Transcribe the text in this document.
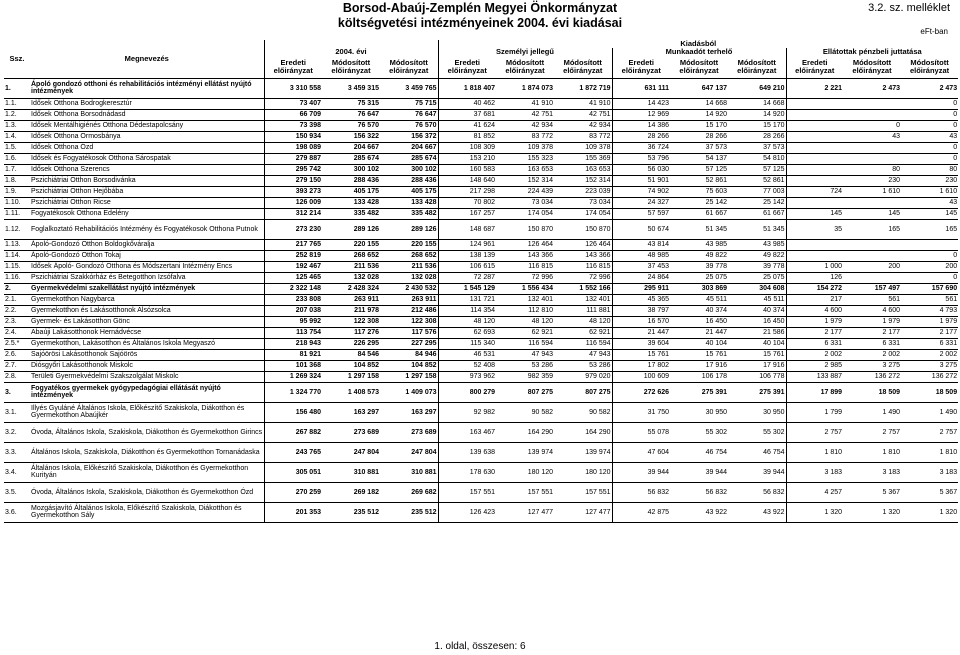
Borsod-Abaúj-Zemplén Megyei Önkormányzat
költségvetési intézményeinek 2004. évi kiadásai
3.2. sz. melléklet
eFt-ban
Ssz.	Megnevezés	2004. évi			Kiadásból								
					Személyi jellegű			Munkaadót terhelő			Ellátottak pénzbeli juttatása		
		Eredeti előirányzat	Módosított előirányzat	Módosított előirányzat	Eredeti előirányzat	Módosított előirányzat	Módosított előirányzat	Eredeti előirányzat	Módosított előirányzat	Módosított előirányzat	Eredeti előirányzat	Módosított előirányzat	Módosított előirányzat
1.	Ápoló gondozó otthoni és rehabilitációs intézményi ellátást nyújtó intézmények	3 310 558	3 459 315	3 459 765	1 818 407	1 874 073	1 872 719	631 111	647 137	649 210	2 221	2 473	2 473
1.1.	Idősek Otthona Bodrogkeresztúr	73 407	75 315	75 715	40 462	41 910	41 910	14 423	14 668	14 668			0
1.2.	Idősek Otthona Borsodnádasd	66 709	76 647	76 647	37 681	42 751	42 751	12 969	14 920	14 920			0
1.3.	Idősek Mentálhigiénés Otthona Dédestapolcsány	73 398	76 570	76 570	41 624	42 934	42 934	14 386	15 170	15 170		0	0
1.4.	Idősek Otthona Ormosbánya	150 934	156 322	156 372	81 852	83 772	83 772	28 266	28 266	28 266		43	43
1.5.	Idősek Otthona Ózd	198 089	204 667	204 667	108 309	109 378	109 378	36 724	37 573	37 573			0
1.6.	Idősek és Fogyatékosok Otthona Sárospatak	279 887	285 674	285 674	153 210	155 323	155 369	53 796	54 137	54 810			0
1.7.	Idősek Otthona Szerencs	295 742	300 102	300 102	160 583	163 653	163 653	56 030	57 125	57 125		80	80
1.8.	Pszichiátriai Otthon Borsodivánka	279 150	288 436	288 436	148 640	152 314	152 314	51 901	52 861	52 861		230	230
1.9.	Pszichiátriai Otthon Hejőbába	393 273	405 175	405 175	217 298	224 439	223 039	74 902	75 603	77 003	724	1 610	1 610
1.10.	Pszichiátriai Otthon Ricse	126 009	133 428	133 428	70 802	73 034	73 034	24 327	25 142	25 142			43
1.11.	Fogyatékosok Otthona Edelény	312 214	335 482	335 482	167 257	174 054	174 054	57 597	61 667	61 667	145	145	145
1.12.	Foglalkoztató Rehabilitációs Intézmény és Fogyatékosok Otthona Putnok	273 230	289 126	289 126	148 687	150 870	150 870	50 674	51 345	51 345	35	165	165
1.13.	Ápoló-Gondozó Otthon Boldogkőváralja	217 765	220 155	220 155	124 961	126 464	126 464	43 814	43 985	43 985			
1.14.	Ápoló-Gondozó Otthon Tokaj	252 819	268 652	268 652	138 139	143 366	143 366	48 985	49 822	49 822			0
1.15.	Idősek Ápoló- Gondozó Otthona és Módszertani Intézmény Encs	192 467	211 536	211 536	106 615	116 815	116 815	37 453	39 778	39 778	1 000	200	200
1.16.	Pszichiátriai Szakkórház és Betegotthon Izsófalva	125 465	132 028	132 028	72 287	72 996	72 996	24 864	25 075	25 075	126		0
2.	Gyermekvédelmi szakellátást nyújtó intézmények	2 322 148	2 428 324	2 430 532	1 545 129	1 556 434	1 552 166	295 911	303 869	304 608	154 272	157 497	157 690
2.1.	Gyermekotthon Nagybarca	233 808	263 911	263 911	131 721	132 401	132 401	45 365	45 511	45 511	217	561	561
2.2.	Gyermekotthon és Lakásotthonok Alsózsolca	207 038	211 978	212 486	114 354	112 810	111 881	38 797	40 374	40 374	4 600	4 600	4 793
2.3.	Gyermek- és Lakásotthon Gönc	95 992	122 308	122 308	48 120	48 120	48 120	16 570	16 450	16 450	1 979	1 979	1 979
2.4.	Abaúji Lakásotthonok Hernádvécse	113 754	117 276	117 576	62 693	62 921	62 921	21 447	21 447	21 586	2 177	2 177	2 177
2.5.*	Gyermekotthon, Lakásotthon és Általános Iskola Megyaszó	218 943	226 295	227 295	115 340	116 594	116 594	39 604	40 104	40 104	6 331	6 331	6 331
2.6.	Sajóörösi Lakásotthonok Sajóörös	81 921	84 546	84 946	46 531	47 943	47 943	15 761	15 761	15 761	2 002	2 002	2 002
2.7.	Diósgyőri Lakásotthonok Miskolc	101 368	104 852	104 852	52 408	53 286	53 286	17 802	17 916	17 916	2 985	3 275	3 275
2.8.	Területi Gyermekvédelmi Szakszolgálat Miskolc	1 269 324	1 297 158	1 297 158	973 962	982 359	979 020	100 609	106 178	106 778	133 887	136 272	136 272
3.	Fogyatékos gyermekek gyógypedagógiai ellátását nyújtó intézmények	1 324 770	1 408 573	1 409 073	800 279	807 275	807 275	272 626	275 391	275 391	17 899	18 509	18 509
3.1.	Illyés Gyuláné Általános Iskola, Előkészítő Szakiskola, Diákotthon és Gyermekotthon Abaújkér	156 480	163 297	163 297	92 982	90 582	90 582	31 750	30 950	30 950	1 799	1 490	1 490
3.2.	Óvoda, Általános Iskola, Szakiskola, Diákotthon és Gyermekotthon Girincs	267 882	273 689	273 689	163 467	164 290	164 290	55 078	55 302	55 302	2 757	2 757	2 757
3.3.	Általános Iskola, Szakiskola, Diákotthon és Gyermekotthon Tornanádaska	243 765	247 804	247 804	139 638	139 974	139 974	47 604	46 754	46 754	1 810	1 810	1 810
3.4.	Általános Iskola, Előkészítő Szakiskola, Diákotthon és Gyermekotthon Kurityán	305 051	310 881	310 881	178 630	180 120	180 120	39 944	39 944	39 944	3 183	3 183	3 183
3.5.	Óvoda, Általános Iskola, Szakiskola, Diákotthon és Gyermekotthon Ózd	270 259	269 182	269 682	157 551	157 551	157 551	56 832	56 832	56 832	4 257	5 367	5 367
3.6.	Mozgásjavító Általános Iskola, Előkészítő Szakiskola, Diákotthon és Gyermekotthon Sály	201 353	235 512	235 512	126 423	127 477	127 477	42 875	43 922	43 922	1 320	1 320	1 320
1. oldal, összesen: 6
